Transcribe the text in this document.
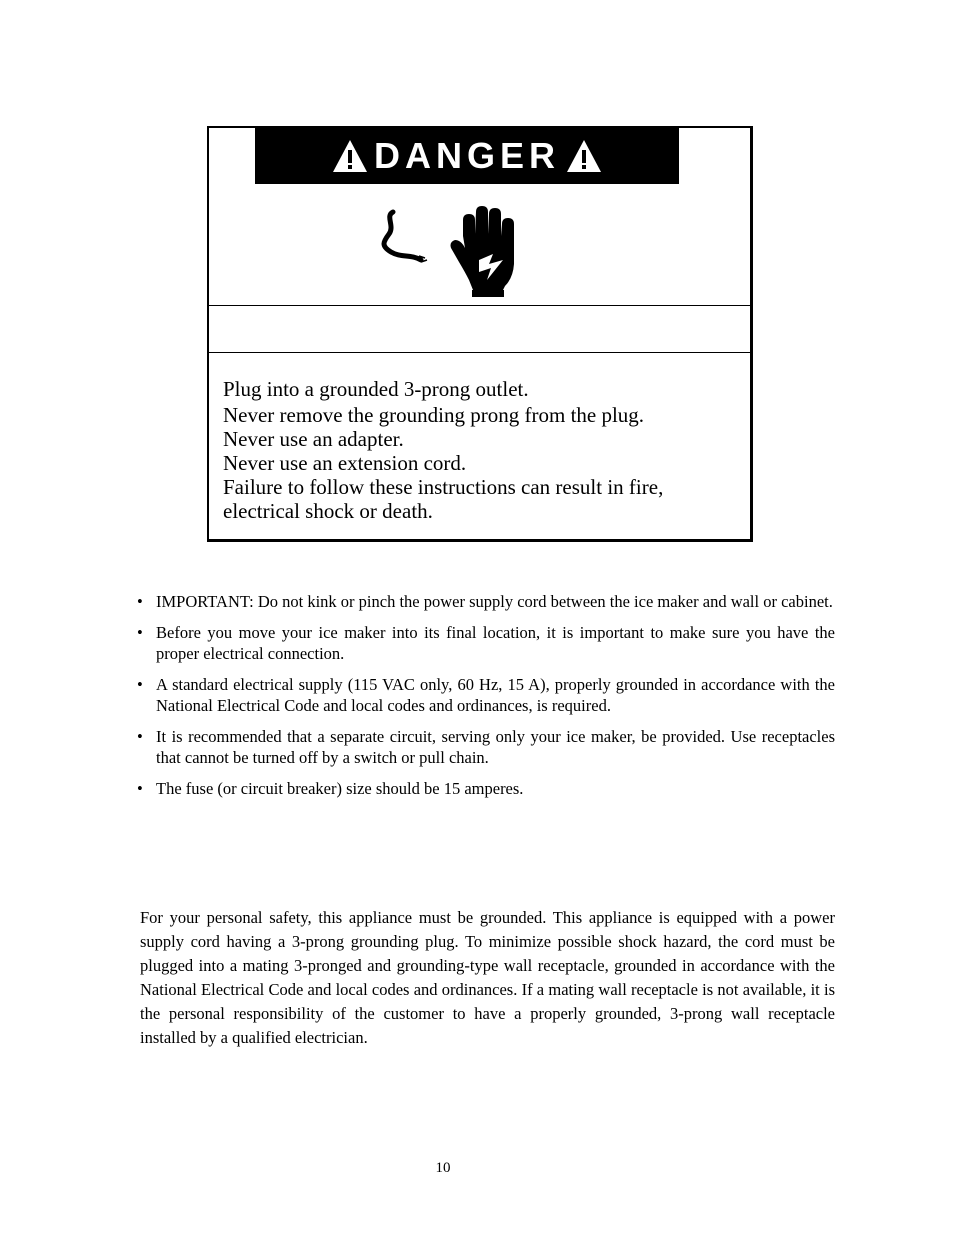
DANGER
Plug into a grounded 3-prong outlet.
Never remove the grounding prong from the plug.
Never use an adapter.
Never use an extension cord.
Failure to follow these instructions can result in fire,
electrical shock or death.
• IMPORTANT: Do not kink or pinch the power supply cord between the ice maker and wall or cabinet.
• Before you move your ice maker into its final location, it is important to make sure you have the proper electrical connection.
• A standard electrical supply (115 VAC only, 60 Hz, 15 A), properly grounded in accordance with the National Electrical Code and local codes and ordinances, is required.
• It is recommended that a separate circuit, serving only your ice maker, be provided. Use receptacles that cannot be turned off by a switch or pull chain.
• The fuse (or circuit breaker) size should be 15 amperes.

For your personal safety, this appliance must be grounded. This appliance is equipped with a power supply cord having a 3-prong grounding plug. To minimize possible shock hazard, the cord must be plugged into a mating 3-pronged and grounding-type wall receptacle, grounded in accordance with the National Electrical Code and local codes and ordinances. If a mating wall receptacle is not available, it is the personal responsibility of the customer to have a properly grounded, 3-prong wall receptacle installed by a qualified electrician.

10
